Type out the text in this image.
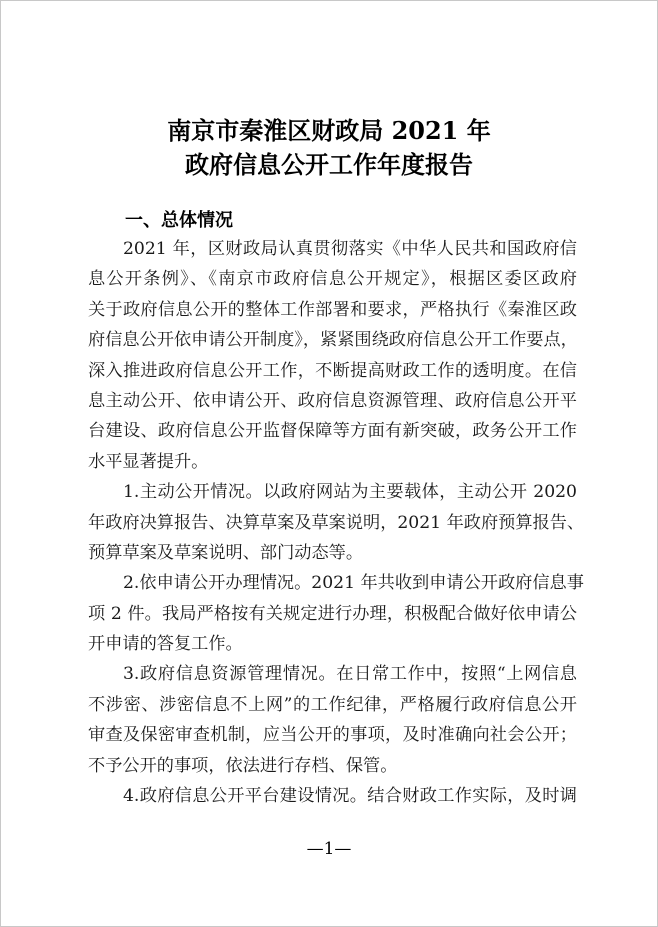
南京市秦淮区财政局 2021 年
政府信息公开工作年度报告
一、总体情况
2021 年，区财政局认真贯彻落实《中华人民共和国政府信
息公开条例》、《南京市政府信息公开规定》，根据区委区政府
关于政府信息公开的整体工作部署和要求，严格执行《秦淮区政
府信息公开依申请公开制度》，紧紧围绕政府信息公开工作要点，
深入推进政府信息公开工作，不断提高财政工作的透明度。在信
息主动公开、依申请公开、政府信息资源管理、政府信息公开平
台建设、政府信息公开监督保障等方面有新突破，政务公开工作
水平显著提升。
1.主动公开情况。以政府网站为主要载体，主动公开 2020
年政府决算报告、决算草案及草案说明，2021 年政府预算报告、
预算草案及草案说明、部门动态等。
2.依申请公开办理情况。2021 年共收到申请公开政府信息事
项 2 件。我局严格按有关规定进行办理，积极配合做好依申请公
开申请的答复工作。
3.政府信息资源管理情况。在日常工作中，按照“上网信息
不涉密、涉密信息不上网”的工作纪律，严格履行政府信息公开
审查及保密审查机制，应当公开的事项，及时准确向社会公开；
不予公开的事项，依法进行存档、保管。
4.政府信息公开平台建设情况。结合财政工作实际，及时调
—1—
